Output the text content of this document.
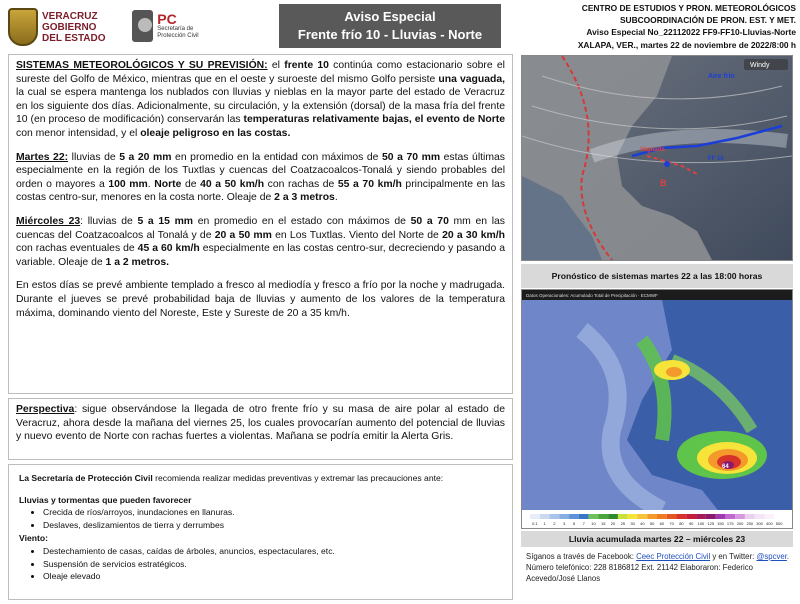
VERACRUZ
GOBIERNO
DEL ESTADO
PC
Secretaría de Protección Civil
Aviso Especial
Frente frío 10 - Lluvias - Norte
CENTRO DE ESTUDIOS Y PRON. METEOROLÓGICOS
SUBCOORDINACIÓN DE PRON. EST. Y MET.
Aviso Especial No_22112022 FF9-FF10-Lluvias-Norte
XALAPA, VER., martes 22 de noviembre de 2022/8:00 h

SISTEMAS METEOROLÓGICOS Y SU PREVISIÓN: el frente 10 continúa como estacionario sobre el sureste del Golfo de México, mientras que en el oeste y suroeste del mismo Golfo persiste una vaguada, la cual se espera mantenga los nublados con lluvias y nieblas en la mayor parte del estado de Veracruz en los siguiente dos días. Adicionalmente, su circulación, y la extensión (dorsal) de la masa fría del frente 10 (en proceso de modificación) conservarán las temperaturas relativamente bajas, el evento de Norte con menor intensidad, y el oleaje peligroso en las costas.

Martes 22: lluvias de 5 a 20 mm en promedio en la entidad con máximos de 50 a 70 mm estas últimas especialmente en la región de los Tuxtlas y cuencas del Coatzacoalcos-Tonalá y siendo probables del orden o mayores a 100 mm. Norte de 40 a 50 km/h con rachas de 55 a 70 km/h principalmente en las costas centro-sur, menores en la costa norte. Oleaje de 2 a 3 metros.

Miércoles 23: lluvias de 5 a 15 mm en promedio en el estado con máximos de 50 a 70 mm en las cuencas del Coatzacoalcos al Tonalá y de 20 a 50 mm en Los Tuxtlas. Viento del Norte de 20 a 30 km/h con rachas eventuales de 45 a 60 km/h especialmente en las costas centro-sur, decreciendo y pasando a variable. Oleaje de 1 a 2 metros.

En estos días se prevé ambiente templado a fresco al mediodía y fresco a frío por la noche y madrugada. Durante el jueves se prevé probabilidad baja de lluvias y aumento de los valores de la temperatura máxima, dominando viento del Noreste, Este y Sureste de 20 a 35 km/h.

Perspectiva: sigue observándose la llegada de otro frente frío y su masa de aire polar al estado de Veracruz, ahora desde la mañana del viernes 25, los cuales provocarían aumento del potencial de lluvias y nuevo evento de Norte con rachas fuertes a violentas. Mañana se podría emitir la Alerta Gris.
La Secretaría de Protección Civil recomienda realizar medidas preventivas y extremar las precauciones ante:
Lluvias y tormentas que pueden favorecer
• Crecida de ríos/arroyos, inundaciones en llanuras.
• Deslaves, deslizamientos de tierra y derrumbes
Viento:
• Destechamiento de casas, caídas de árboles, anuncios, espectaculares, etc.
• Suspensión de servicios estratégicos.
• Oleaje elevado
Windy
Aire frío
FF 10
Vaguada
B
Pronóstico de sistemas martes 22 a las 18:00 horas
Datos Operacionales: Acumulado Total de Precipitación · ECMWF
64
0.1 1 2 3 5 7 10 15 20 25 30 40 50 60 70 80 90 100 125 150 175 200 250 300 400 500
Lluvia acumulada martes 22 – miércoles 23
Síganos a través de Facebook: Ceec Protección Civil y en Twitter: @spcver.
Número telefónico: 228 8186812 Ext. 21142 Elaboraron: Federico Acevedo/José Llanos
